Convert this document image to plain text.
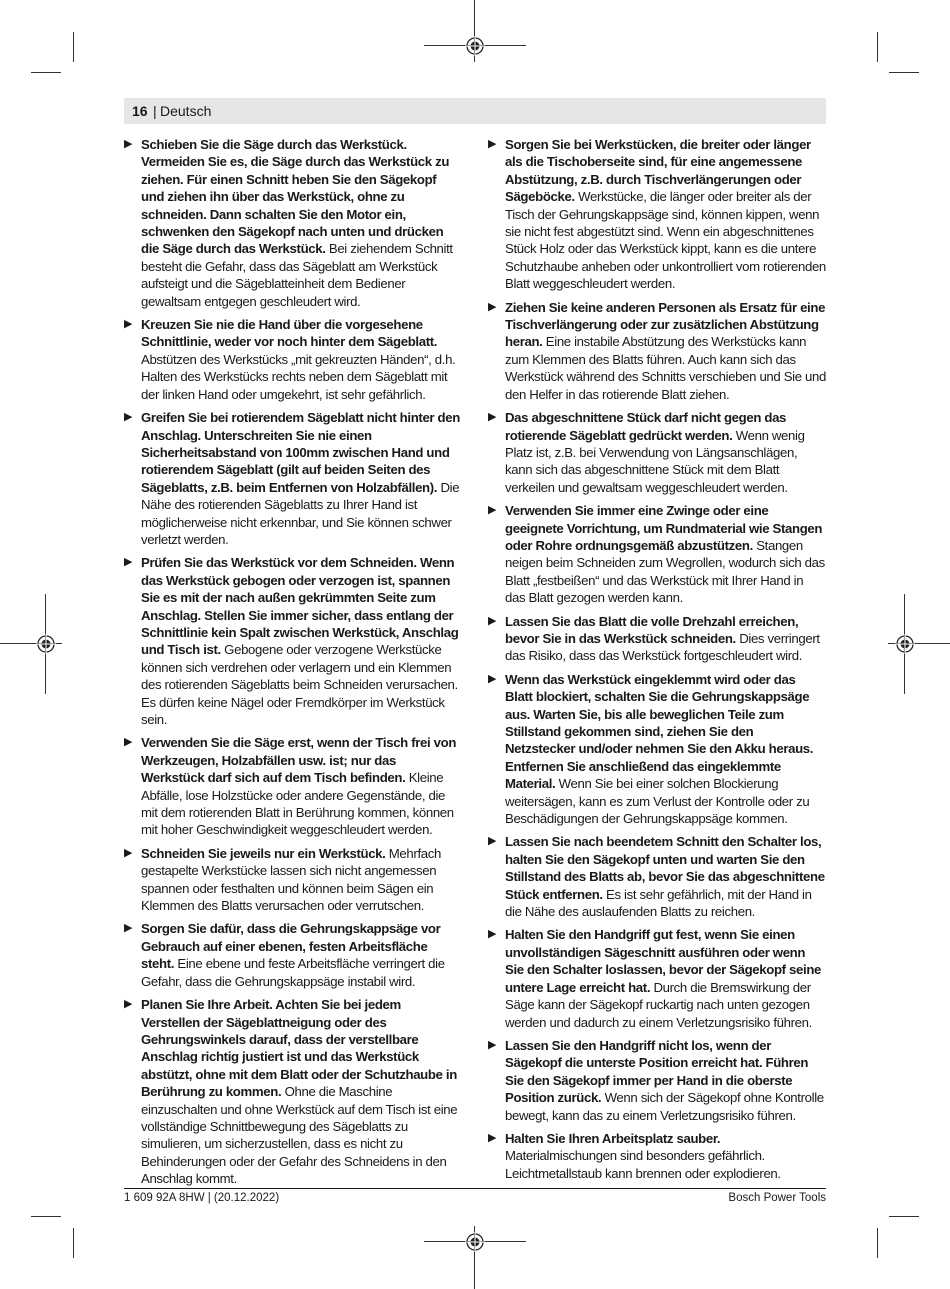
16 | Deutsch
▶ Schieben Sie die Säge durch das Werkstück. Vermeiden Sie es, die Säge durch das Werkstück zu ziehen. Für einen Schnitt heben Sie den Sägekopf und ziehen ihn über das Werkstück, ohne zu schneiden. Dann schalten Sie den Motor ein, schwenken den Sägekopf nach unten und drücken die Säge durch das Werkstück. Bei ziehendem Schnitt besteht die Gefahr, dass das Sägeblatt am Werkstück aufsteigt und die Sägeblatteinheit dem Bediener gewaltsam entgegen geschleudert wird.
▶ Kreuzen Sie nie die Hand über die vorgesehene Schnittlinie, weder vor noch hinter dem Sägeblatt. Abstützen des Werkstücks „mit gekreuzten Händen“, d.h. Halten des Werkstücks rechts neben dem Sägeblatt mit der linken Hand oder umgekehrt, ist sehr gefährlich.
▶ Greifen Sie bei rotierendem Sägeblatt nicht hinter den Anschlag. Unterschreiten Sie nie einen Sicherheitsabstand von 100mm zwischen Hand und rotierendem Sägeblatt (gilt auf beiden Seiten des Sägeblatts, z.B. beim Entfernen von Holzabfällen). Die Nähe des rotierenden Sägeblatts zu Ihrer Hand ist möglicherweise nicht erkennbar, und Sie können schwer verletzt werden.
▶ Prüfen Sie das Werkstück vor dem Schneiden. Wenn das Werkstück gebogen oder verzogen ist, spannen Sie es mit der nach außen gekrümmten Seite zum Anschlag. Stellen Sie immer sicher, dass entlang der Schnittlinie kein Spalt zwischen Werkstück, Anschlag und Tisch ist. Gebogene oder verzogene Werkstücke können sich verdrehen oder verlagern und ein Klemmen des rotierenden Sägeblatts beim Schneiden verursachen. Es dürfen keine Nägel oder Fremdkörper im Werkstück sein.
▶ Verwenden Sie die Säge erst, wenn der Tisch frei von Werkzeugen, Holzabfällen usw. ist; nur das Werkstück darf sich auf dem Tisch befinden. Kleine Abfälle, lose Holzstücke oder andere Gegenstände, die mit dem rotierenden Blatt in Berührung kommen, können mit hoher Geschwindigkeit weggeschleudert werden.
▶ Schneiden Sie jeweils nur ein Werkstück. Mehrfach gestapelte Werkstücke lassen sich nicht angemessen spannen oder festhalten und können beim Sägen ein Klemmen des Blatts verursachen oder verrutschen.
▶ Sorgen Sie dafür, dass die Gehrungskappsäge vor Gebrauch auf einer ebenen, festen Arbeitsfläche steht. Eine ebene und feste Arbeitsfläche verringert die Gefahr, dass die Gehrungskappsäge instabil wird.
▶ Planen Sie Ihre Arbeit. Achten Sie bei jedem Verstellen der Sägeblattneigung oder des Gehrungswinkels darauf, dass der verstellbare Anschlag richtig justiert ist und das Werkstück abstützt, ohne mit dem Blatt oder der Schutzhaube in Berührung zu kommen. Ohne die Maschine einzuschalten und ohne Werkstück auf dem Tisch ist eine vollständige Schnittbewegung des Sägeblatts zu simulieren, um sicherzustellen, dass es nicht zu Behinderungen oder der Gefahr des Schneidens in den Anschlag kommt.
▶ Sorgen Sie bei Werkstücken, die breiter oder länger als die Tischoberseite sind, für eine angemessene Abstützung, z.B. durch Tischverlängerungen oder Sägeböcke. Werkstücke, die länger oder breiter als der Tisch der Gehrungskappsäge sind, können kippen, wenn sie nicht fest abgestützt sind. Wenn ein abgeschnittenes Stück Holz oder das Werkstück kippt, kann es die untere Schutzhaube anheben oder unkontrolliert vom rotierenden Blatt weggeschleudert werden.
▶ Ziehen Sie keine anderen Personen als Ersatz für eine Tischverlängerung oder zur zusätzlichen Abstützung heran. Eine instabile Abstützung des Werkstücks kann zum Klemmen des Blatts führen. Auch kann sich das Werkstück während des Schnitts verschieben und Sie und den Helfer in das rotierende Blatt ziehen.
▶ Das abgeschnittene Stück darf nicht gegen das rotierende Sägeblatt gedrückt werden. Wenn wenig Platz ist, z.B. bei Verwendung von Längsanschlägen, kann sich das abgeschnittene Stück mit dem Blatt verkeilen und gewaltsam weggeschleudert werden.
▶ Verwenden Sie immer eine Zwinge oder eine geeignete Vorrichtung, um Rundmaterial wie Stangen oder Rohre ordnungsgemäß abzustützen. Stangen neigen beim Schneiden zum Wegrollen, wodurch sich das Blatt „festbeißen“ und das Werkstück mit Ihrer Hand in das Blatt gezogen werden kann.
▶ Lassen Sie das Blatt die volle Drehzahl erreichen, bevor Sie in das Werkstück schneiden. Dies verringert das Risiko, dass das Werkstück fortgeschleudert wird.
▶ Wenn das Werkstück eingeklemmt wird oder das Blatt blockiert, schalten Sie die Gehrungskappsäge aus. Warten Sie, bis alle beweglichen Teile zum Stillstand gekommen sind, ziehen Sie den Netzstecker und/oder nehmen Sie den Akku heraus. Entfernen Sie anschließend das eingeklemmte Material. Wenn Sie bei einer solchen Blockierung weitersägen, kann es zum Verlust der Kontrolle oder zu Beschädigungen der Gehrungskappsäge kommen.
▶ Lassen Sie nach beendetem Schnitt den Schalter los, halten Sie den Sägekopf unten und warten Sie den Stillstand des Blatts ab, bevor Sie das abgeschnittene Stück entfernen. Es ist sehr gefährlich, mit der Hand in die Nähe des auslaufenden Blatts zu reichen.
▶ Halten Sie den Handgriff gut fest, wenn Sie einen unvollständigen Sägeschnitt ausführen oder wenn Sie den Schalter loslassen, bevor der Sägekopf seine untere Lage erreicht hat. Durch die Bremswirkung der Säge kann der Sägekopf ruckartig nach unten gezogen werden und dadurch zu einem Verletzungsrisiko führen.
▶ Lassen Sie den Handgriff nicht los, wenn der Sägekopf die unterste Position erreicht hat. Führen Sie den Sägekopf immer per Hand in die oberste Position zurück. Wenn sich der Sägekopf ohne Kontrolle bewegt, kann das zu einem Verletzungsrisiko führen.
▶ Halten Sie Ihren Arbeitsplatz sauber. Materialmischungen sind besonders gefährlich. Leichtmetallstaub kann brennen oder explodieren.
1 609 92A 8HW | (20.12.2022)	Bosch Power Tools
